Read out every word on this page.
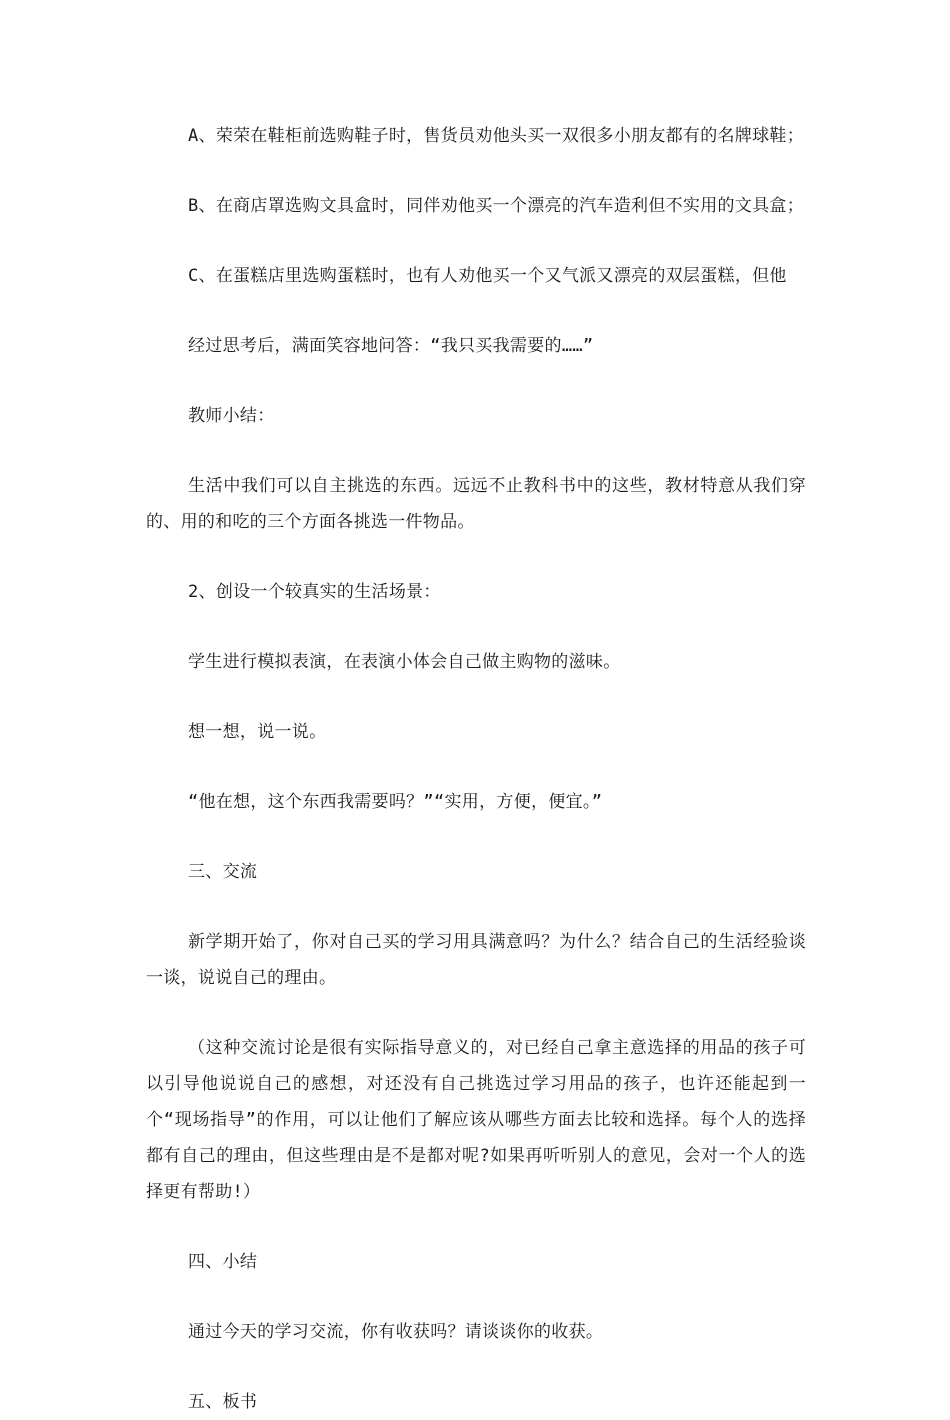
A、荣荣在鞋柜前选购鞋子时，售货员劝他头买一双很多小朋友都有的名牌球鞋；

B、在商店罩选购文具盒时，同伴劝他买一个漂亮的汽车造利但不实用的文具盒；

C、在蛋糕店里选购蛋糕时，也有人劝他买一个又气派又漂亮的双层蛋糕，但他

经过思考后，满面笑容地问答：“我只买我需要的……”

教师小结：

生活中我们可以自主挑选的东西。远远不止教科书中的这些，教材特意从我们穿的、用的和吃的三个方面各挑选一件物品。

2、创设一个较真实的生活场景：

学生进行模拟表演，在表演小体会自己做主购物的滋味。

想一想，说一说。

“他在想，这个东西我需要吗？”“实用，方便，便宜。”

三、交流

新学期开始了，你对自己买的学习用具满意吗？为什么？结合自己的生活经验谈一谈，说说自己的理由。

（这种交流讨论是很有实际指导意义的，对已经自己拿主意选择的用品的孩子可以引导他说说自己的感想，对还没有自己挑选过学习用品的孩子，也许还能起到一个“现场指导”的作用，可以让他们了解应该从哪些方面去比较和选择。每个人的选择都有自己的理由，但这些理由是不是都对呢?如果再听听别人的意见，会对一个人的选择更有帮助!）

四、小结

通过今天的学习交流，你有收获吗？请谈谈你的收获。

五、板书
